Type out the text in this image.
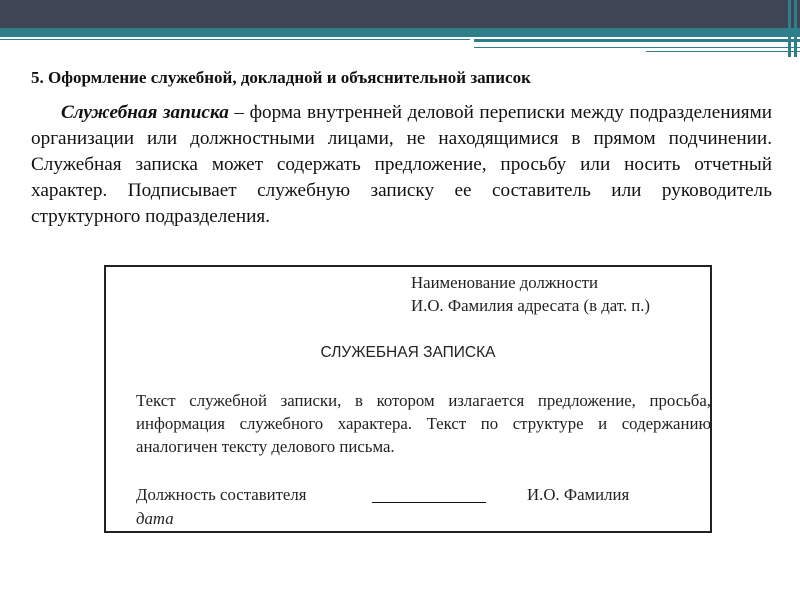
5. Оформление служебной, докладной и объяснительной записок
Служебная записка – форма внутренней деловой переписки между подразделениями организации или должностными лицами, не находящимися в прямом подчинении. Служебная записка может содержать предложение, просьбу или носить отчетный характер. Подписывает служебную записку ее составитель или руководитель структурного подразделения.
Наименование должности
И.О. Фамилия адресата (в дат. п.)
СЛУЖЕБНАЯ ЗАПИСКА
Текст служебной записки, в котором излагается предложение, просьба, информация служебного характера. Текст по структуре и содержанию аналогичен тексту делового письма.
Должность составителя	И.О. Фамилия
дата
